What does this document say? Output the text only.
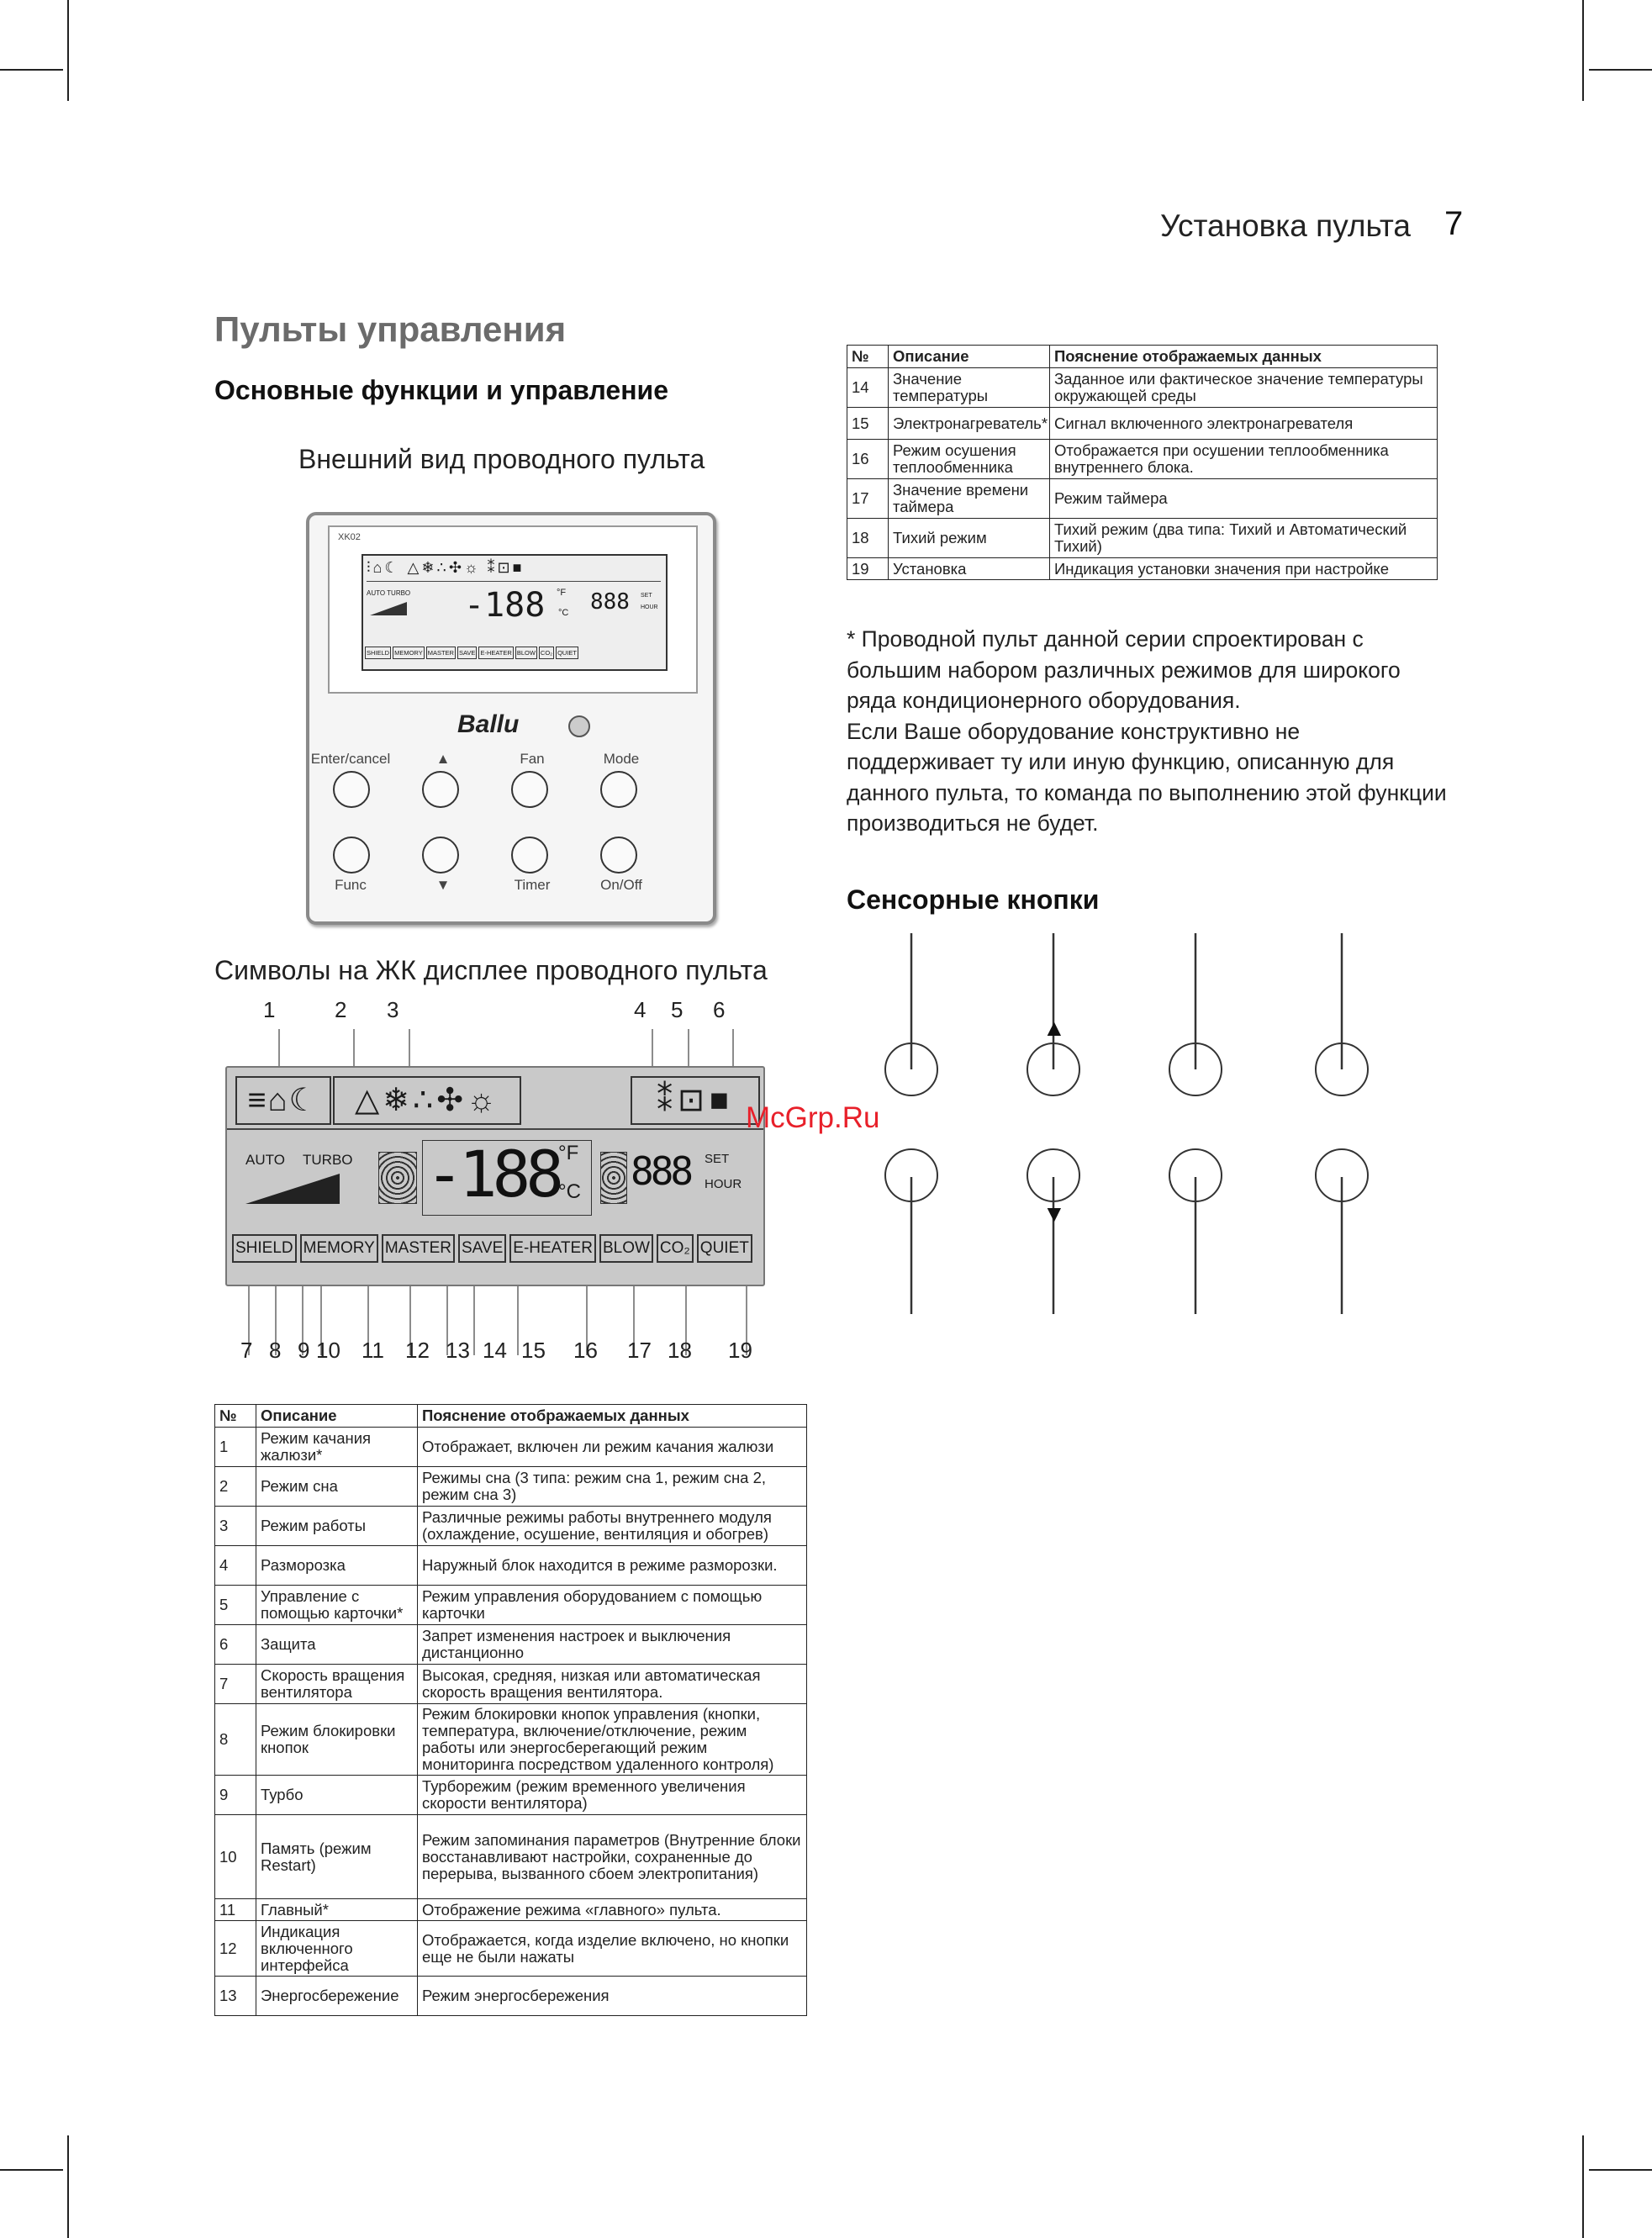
Установка пульта 7
Пульты управления
Основные функции и управление
Внешний вид проводного пульта
XK02
⫶⌂☾ △❄∴✣☼ ⁑⊡■
AUTO TURBO -188 °F
°C 888 SET
HOUR
SHIELD MEMORY MASTER SAVE E-HEATER BLOW CO₂ QUIET
Ballu
Enter/cancel	▲	Fan	Mode
Func	▼	Timer	On/Off
Символы на ЖК дисплее проводного пульта
1	2 3	4 5 6
≡⌂☾	△❄∴✣☼	⁑⊡■
AUTO TURBO -188
°F
°C 888 SET
HOUR
SHIELD MEMORY MASTER SAVE E-HEATER BLOW CO₂ QUIET
7 8 9 10 11 12 13 14 15 16 17 18 19
№	Описание	Пояснение отображаемых данных
1	Режим качания жалюзи*	Отображает, включен ли режим качания жалюзи
2	Режим сна	Режимы сна (3 типа: режим сна 1, режим сна 2, режим сна 3)
3	Режим работы	Различные режимы работы внутреннего модуля (охлаждение, осушение, вентиляция и обогрев)
4	Разморозка	Наружный блок находится в режиме разморозки.
5	Управление с помощью карточки*	Режим управления оборудованием с помощью карточки
6	Защита	Запрет изменения настроек и выключения дистанционно
7	Скорость вращения вентилятора	Высокая, средняя, низкая или автоматическая скорость вращения вентилятора.
8	Режим блокировки кнопок	Режим блокировки кнопок управления (кнопки, температура, включение/отключение, режим работы или энергосберегающий режим мониторинга посредством удаленного контроля)
9	Турбо	Турборежим (режим временного увеличения скорости вентилятора)
10	Память (режим Restart)	Режим запоминания параметров (Внутренние блоки восстанавливают настройки, сохраненные до перерыва, вызванного сбоем электропитания)
11	Главный*	Отображение режима «главного» пульта.
12	Индикация включенного интерфейса	Отображается, когда изделие включено, но кнопки еще не были нажаты
13	Энергосбережение	Режим энергосбережения
№	Описание	Пояснение отображаемых данных
14	Значение температуры	Заданное или фактическое значение температуры окружающей среды
15	Электронагреватель*	Сигнал включенного электронагревателя
16	Режим осушения теплообменника	Отображается при осушении теплообменника внутреннего блока.
17	Значение времени таймера	Режим таймера
18	Тихий режим	Тихий режим (два типа: Тихий и Автоматический Тихий)
19	Установка	Индикация установки значения при настройке

* Проводной пульт данной серии спроектирован с большим набором различных режимов для широкого ряда кондиционерного оборудования.

Если Ваше оборудование конструктивно не поддерживает ту или иную функцию, описанную для данного пульта, то команда по выполнению этой функции производиться не будет.

Сенсорные кнопки
▲
▼
McGrp.Ru
